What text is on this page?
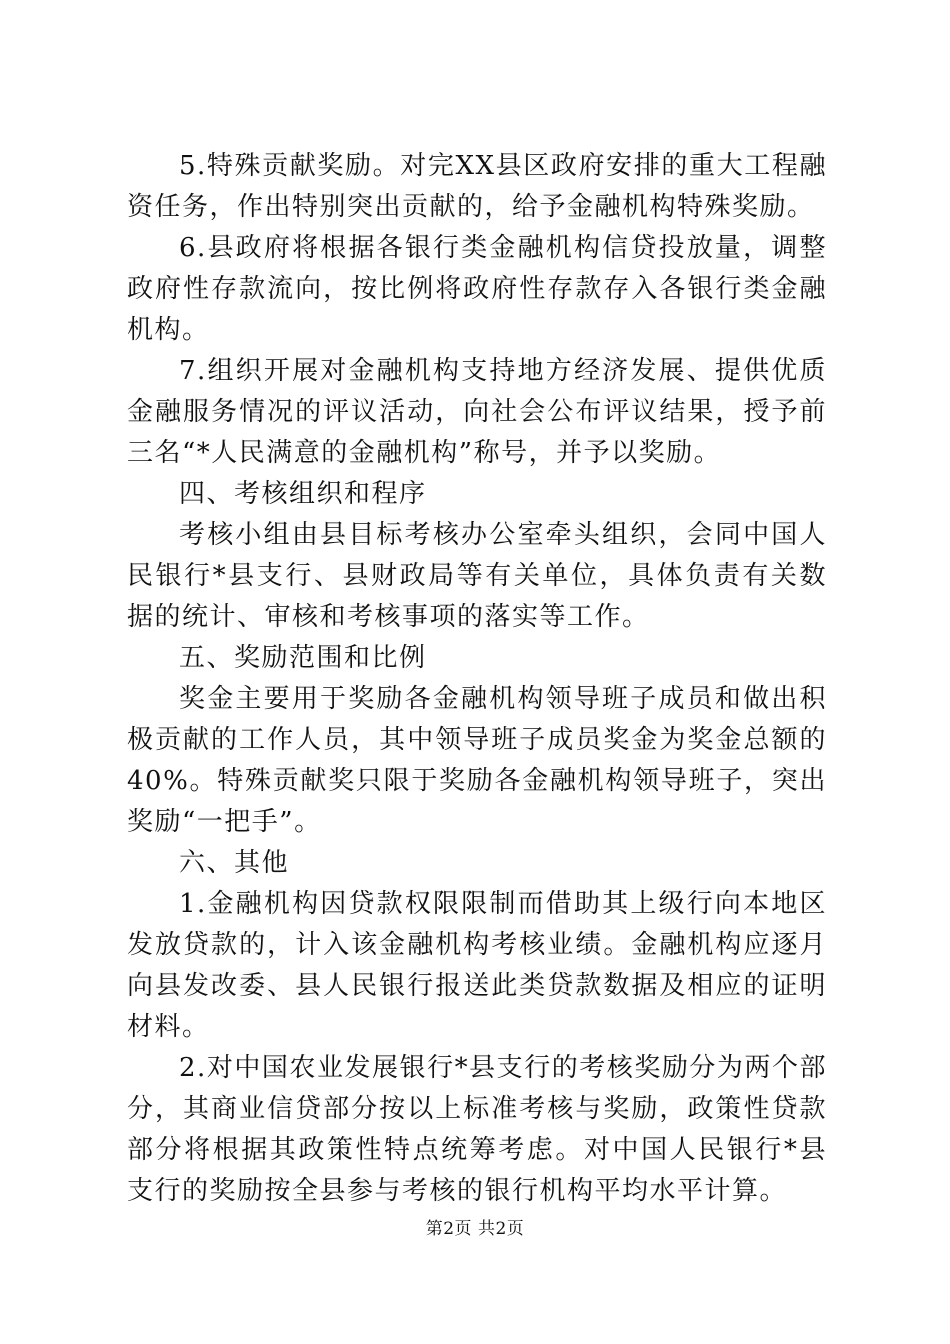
5.特殊贡献奖励。对完XX县区政府安排的重大工程融资任务，作出特别突出贡献的，给予金融机构特殊奖励。

6.县政府将根据各银行类金融机构信贷投放量，调整政府性存款流向，按比例将政府性存款存入各银行类金融机构。

7.组织开展对金融机构支持地方经济发展、提供优质金融服务情况的评议活动，向社会公布评议结果，授予前三名“*人民满意的金融机构”称号，并予以奖励。

四、考核组织和程序

考核小组由县目标考核办公室牵头组织，会同中国人民银行*县支行、县财政局等有关单位，具体负责有关数据的统计、审核和考核事项的落实等工作。

五、奖励范围和比例

奖金主要用于奖励各金融机构领导班子成员和做出积极贡献的工作人员，其中领导班子成员奖金为奖金总额的40%。特殊贡献奖只限于奖励各金融机构领导班子，突出奖励“一把手”。

六、其他

1.金融机构因贷款权限限制而借助其上级行向本地区发放贷款的，计入该金融机构考核业绩。金融机构应逐月向县发改委、县人民银行报送此类贷款数据及相应的证明材料。

2.对中国农业发展银行*县支行的考核奖励分为两个部分，其商业信贷部分按以上标准考核与奖励，政策性贷款部分将根据其政策性特点统筹考虑。对中国人民银行*县支行的奖励按全县参与考核的银行机构平均水平计算。

第2页 共2页
